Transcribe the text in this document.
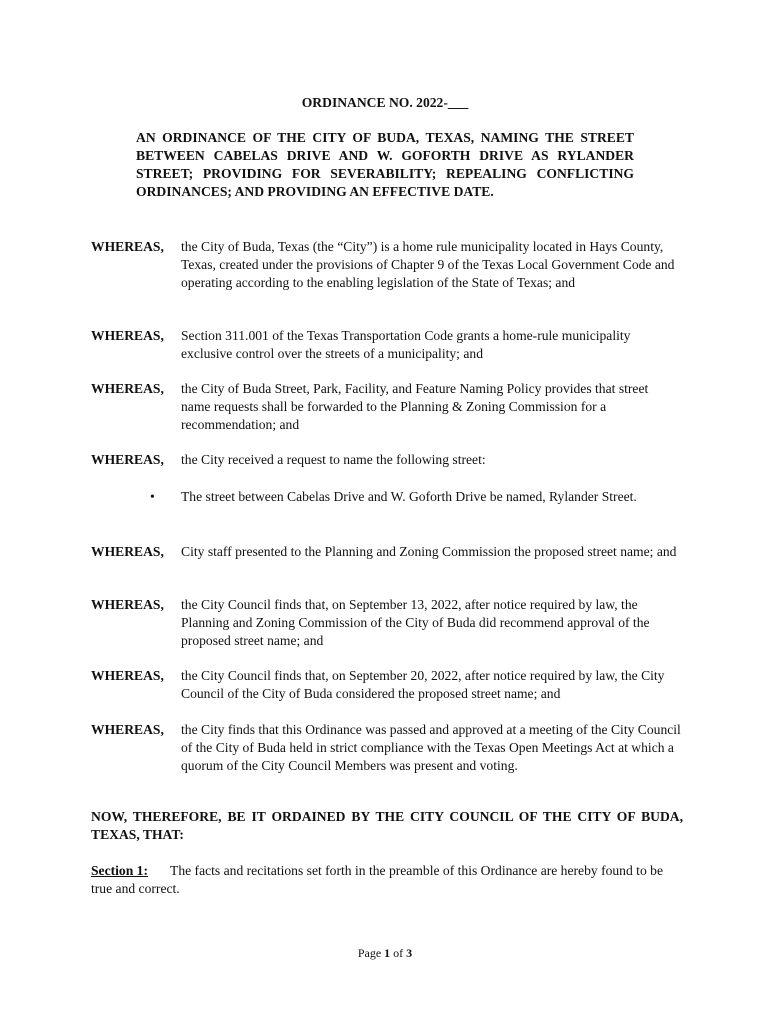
ORDINANCE NO. 2022-___
AN ORDINANCE OF THE CITY OF BUDA, TEXAS, NAMING THE STREET BETWEEN CABELAS DRIVE AND W. GOFORTH DRIVE AS RYLANDER STREET; PROVIDING FOR SEVERABILITY; REPEALING CONFLICTING ORDINANCES; AND PROVIDING AN EFFECTIVE DATE.
WHEREAS, the City of Buda, Texas (the “City”) is a home rule municipality located in Hays County, Texas, created under the provisions of Chapter 9 of the Texas Local Government Code and operating according to the enabling legislation of the State of Texas; and
WHEREAS, Section 311.001 of the Texas Transportation Code grants a home-rule municipality exclusive control over the streets of a municipality; and
WHEREAS, the City of Buda Street, Park, Facility, and Feature Naming Policy provides that street name requests shall be forwarded to the Planning & Zoning Commission for a recommendation; and
WHEREAS, the City received a request to name the following street:
• The street between Cabelas Drive and W. Goforth Drive be named, Rylander Street.
WHEREAS, City staff presented to the Planning and Zoning Commission the proposed street name; and
WHEREAS, the City Council finds that, on September 13, 2022, after notice required by law, the Planning and Zoning Commission of the City of Buda did recommend approval of the proposed street name; and
WHEREAS, the City Council finds that, on September 20, 2022, after notice required by law, the City Council of the City of Buda considered the proposed street name; and
WHEREAS, the City finds that this Ordinance was passed and approved at a meeting of the City Council of the City of Buda held in strict compliance with the Texas Open Meetings Act at which a quorum of the City Council Members was present and voting.
NOW, THEREFORE, BE IT ORDAINED BY THE CITY COUNCIL OF THE CITY OF BUDA, TEXAS, THAT:
Section 1: The facts and recitations set forth in the preamble of this Ordinance are hereby found to be true and correct.
Page 1 of 3
